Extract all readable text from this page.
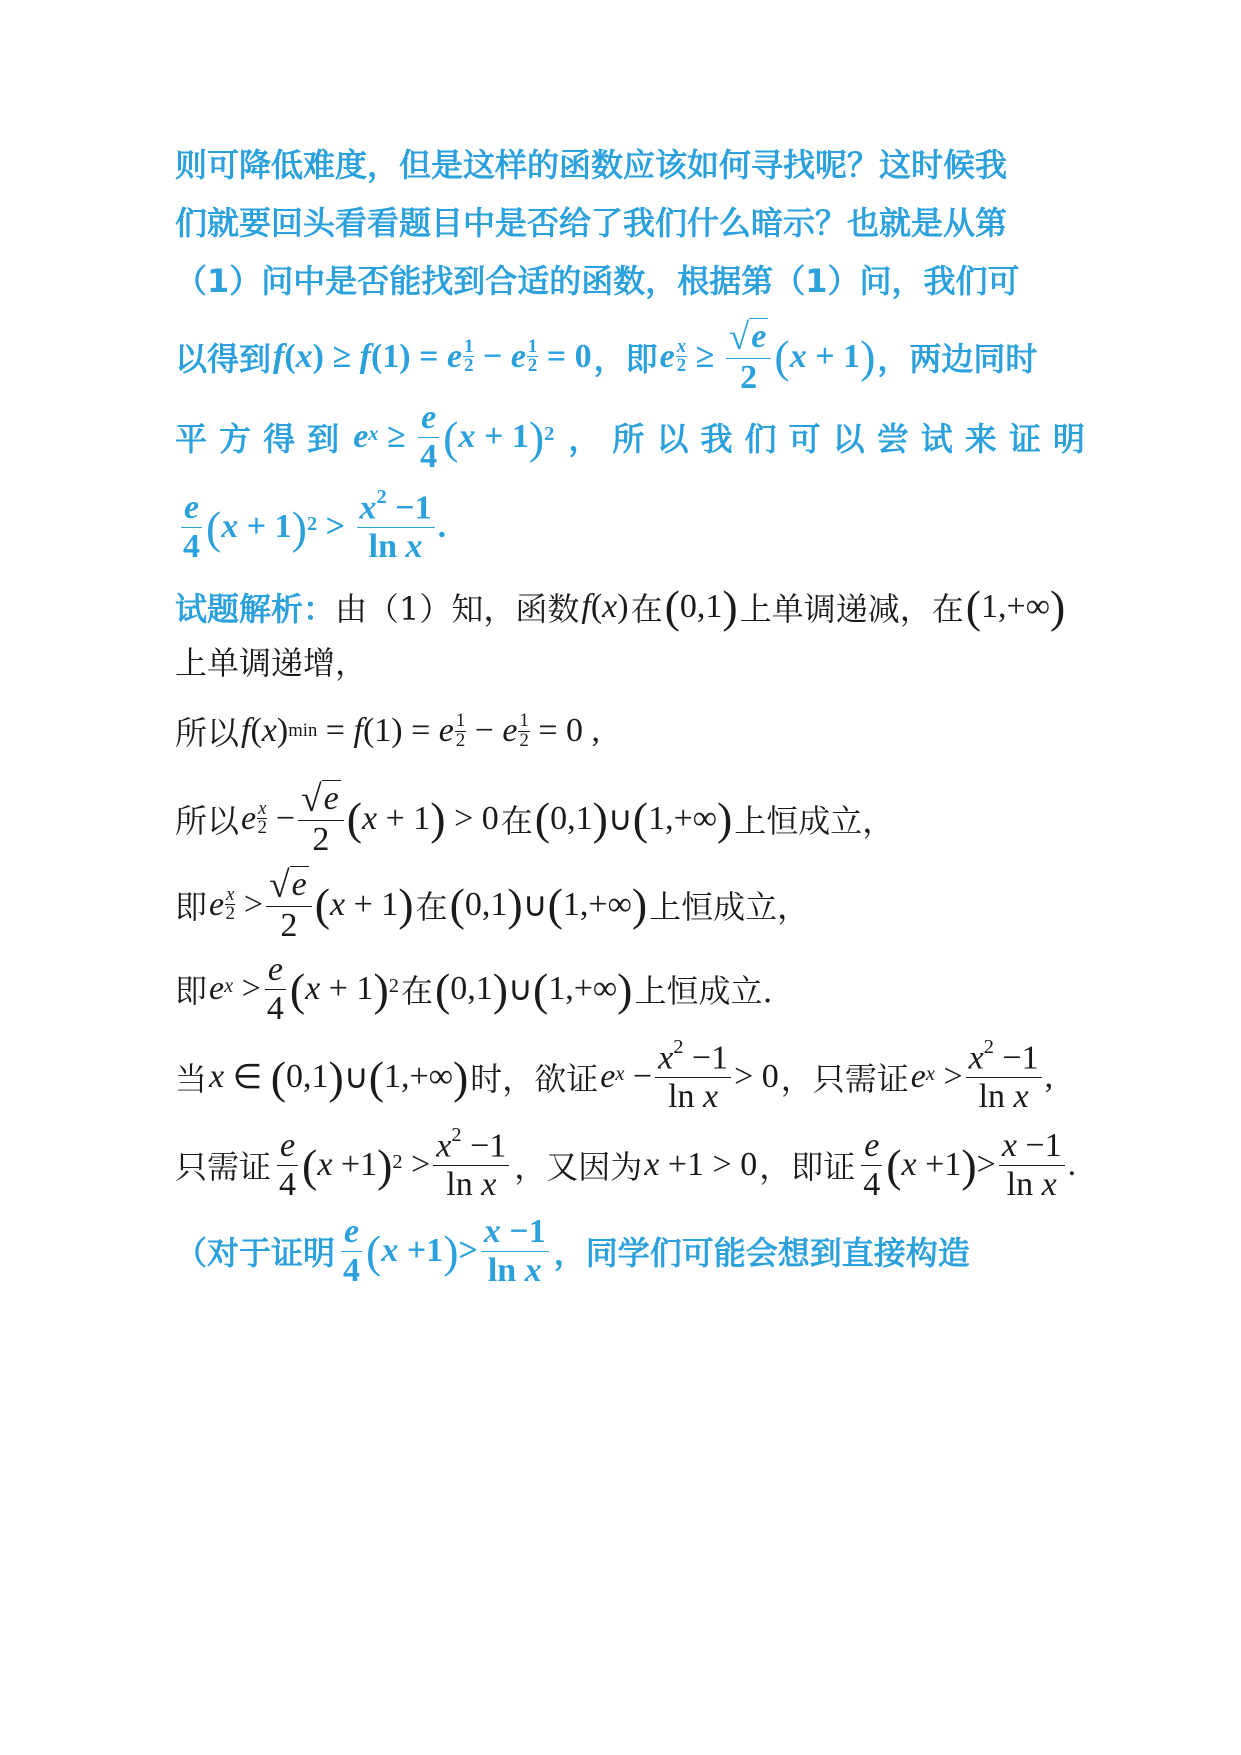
则可降低难度，但是这样的函数应该如何寻找呢？这时候我
们就要回头看看题目中是否给了我们什么暗示？也就是从第
（1）问中是否能找到合适的函数，根据第（1）问，我们可
以得到 f ( x ) ≥ f (1) = e $\frac{1}{2} - e \frac{1}{2} = 0$ ，即 e $\frac{x}{2} \ge \frac{√ e}{2}$ ( x + 1 ) ，两边同时
平 方 得 到 $e^x \ge \frac{e}{4}$ ( x + 1 )$^2$ ， 所 以 我 们 可 以 尝 试 来 证 明
$\frac{e}{4}$ ( x + 1 )$^2 > \frac{x^2 -1}{\text{ln x}}$ .
试题解析： 由（1）知，函数 f ( x ) 在 ( 0,1 ) 上单调递减，在 ( 1,+∞ )
上单调递增，
所以 f ( x ) min = f (1) = e $\frac{1}{2} - e \frac{1}{2} = 0$ ,
所以 e $\frac{x}{2} - \frac{√ e}{2}$ ( x + 1 ) > 0 在 ( 0,1 ) ∪ ( 1,+∞ ) 上恒成立，
即 e $\frac{x}{2} > \frac{√ e}{2}$ ( x + 1 ) 在 ( 0,1 ) ∪ ( 1,+∞ ) 上恒成立，
即 $e^x > \frac{e}{4}$ ( x + 1 )$^2$ 在 ( 0,1 ) ∪ ( 1,+∞ ) 上恒成立.
当 x ∈ ( 0,1 ) ∪ ( 1,+∞ ) 时，欲证 $e^x - \frac{x^2 -1}{\text{ln x}} > 0$ ，只需证 $e^x > \frac{x^2 -1}{\text{ln x}}$ ,
只需证 $\frac{e}{4}$ ( x +1 )$^2 > \frac{x^2 -1}{\text{ln x}}$ ，又因为 x +1 > 0 ，即证 $\frac{e}{4}$ ( x +1 ) > $\frac{x -1}{\text{ln x}}$ .
（对于证明 $\frac{e}{4}$ ( x +1 ) > $\frac{x -1}{\text{ln x}}$ ，同学们可能会想到直接构造
